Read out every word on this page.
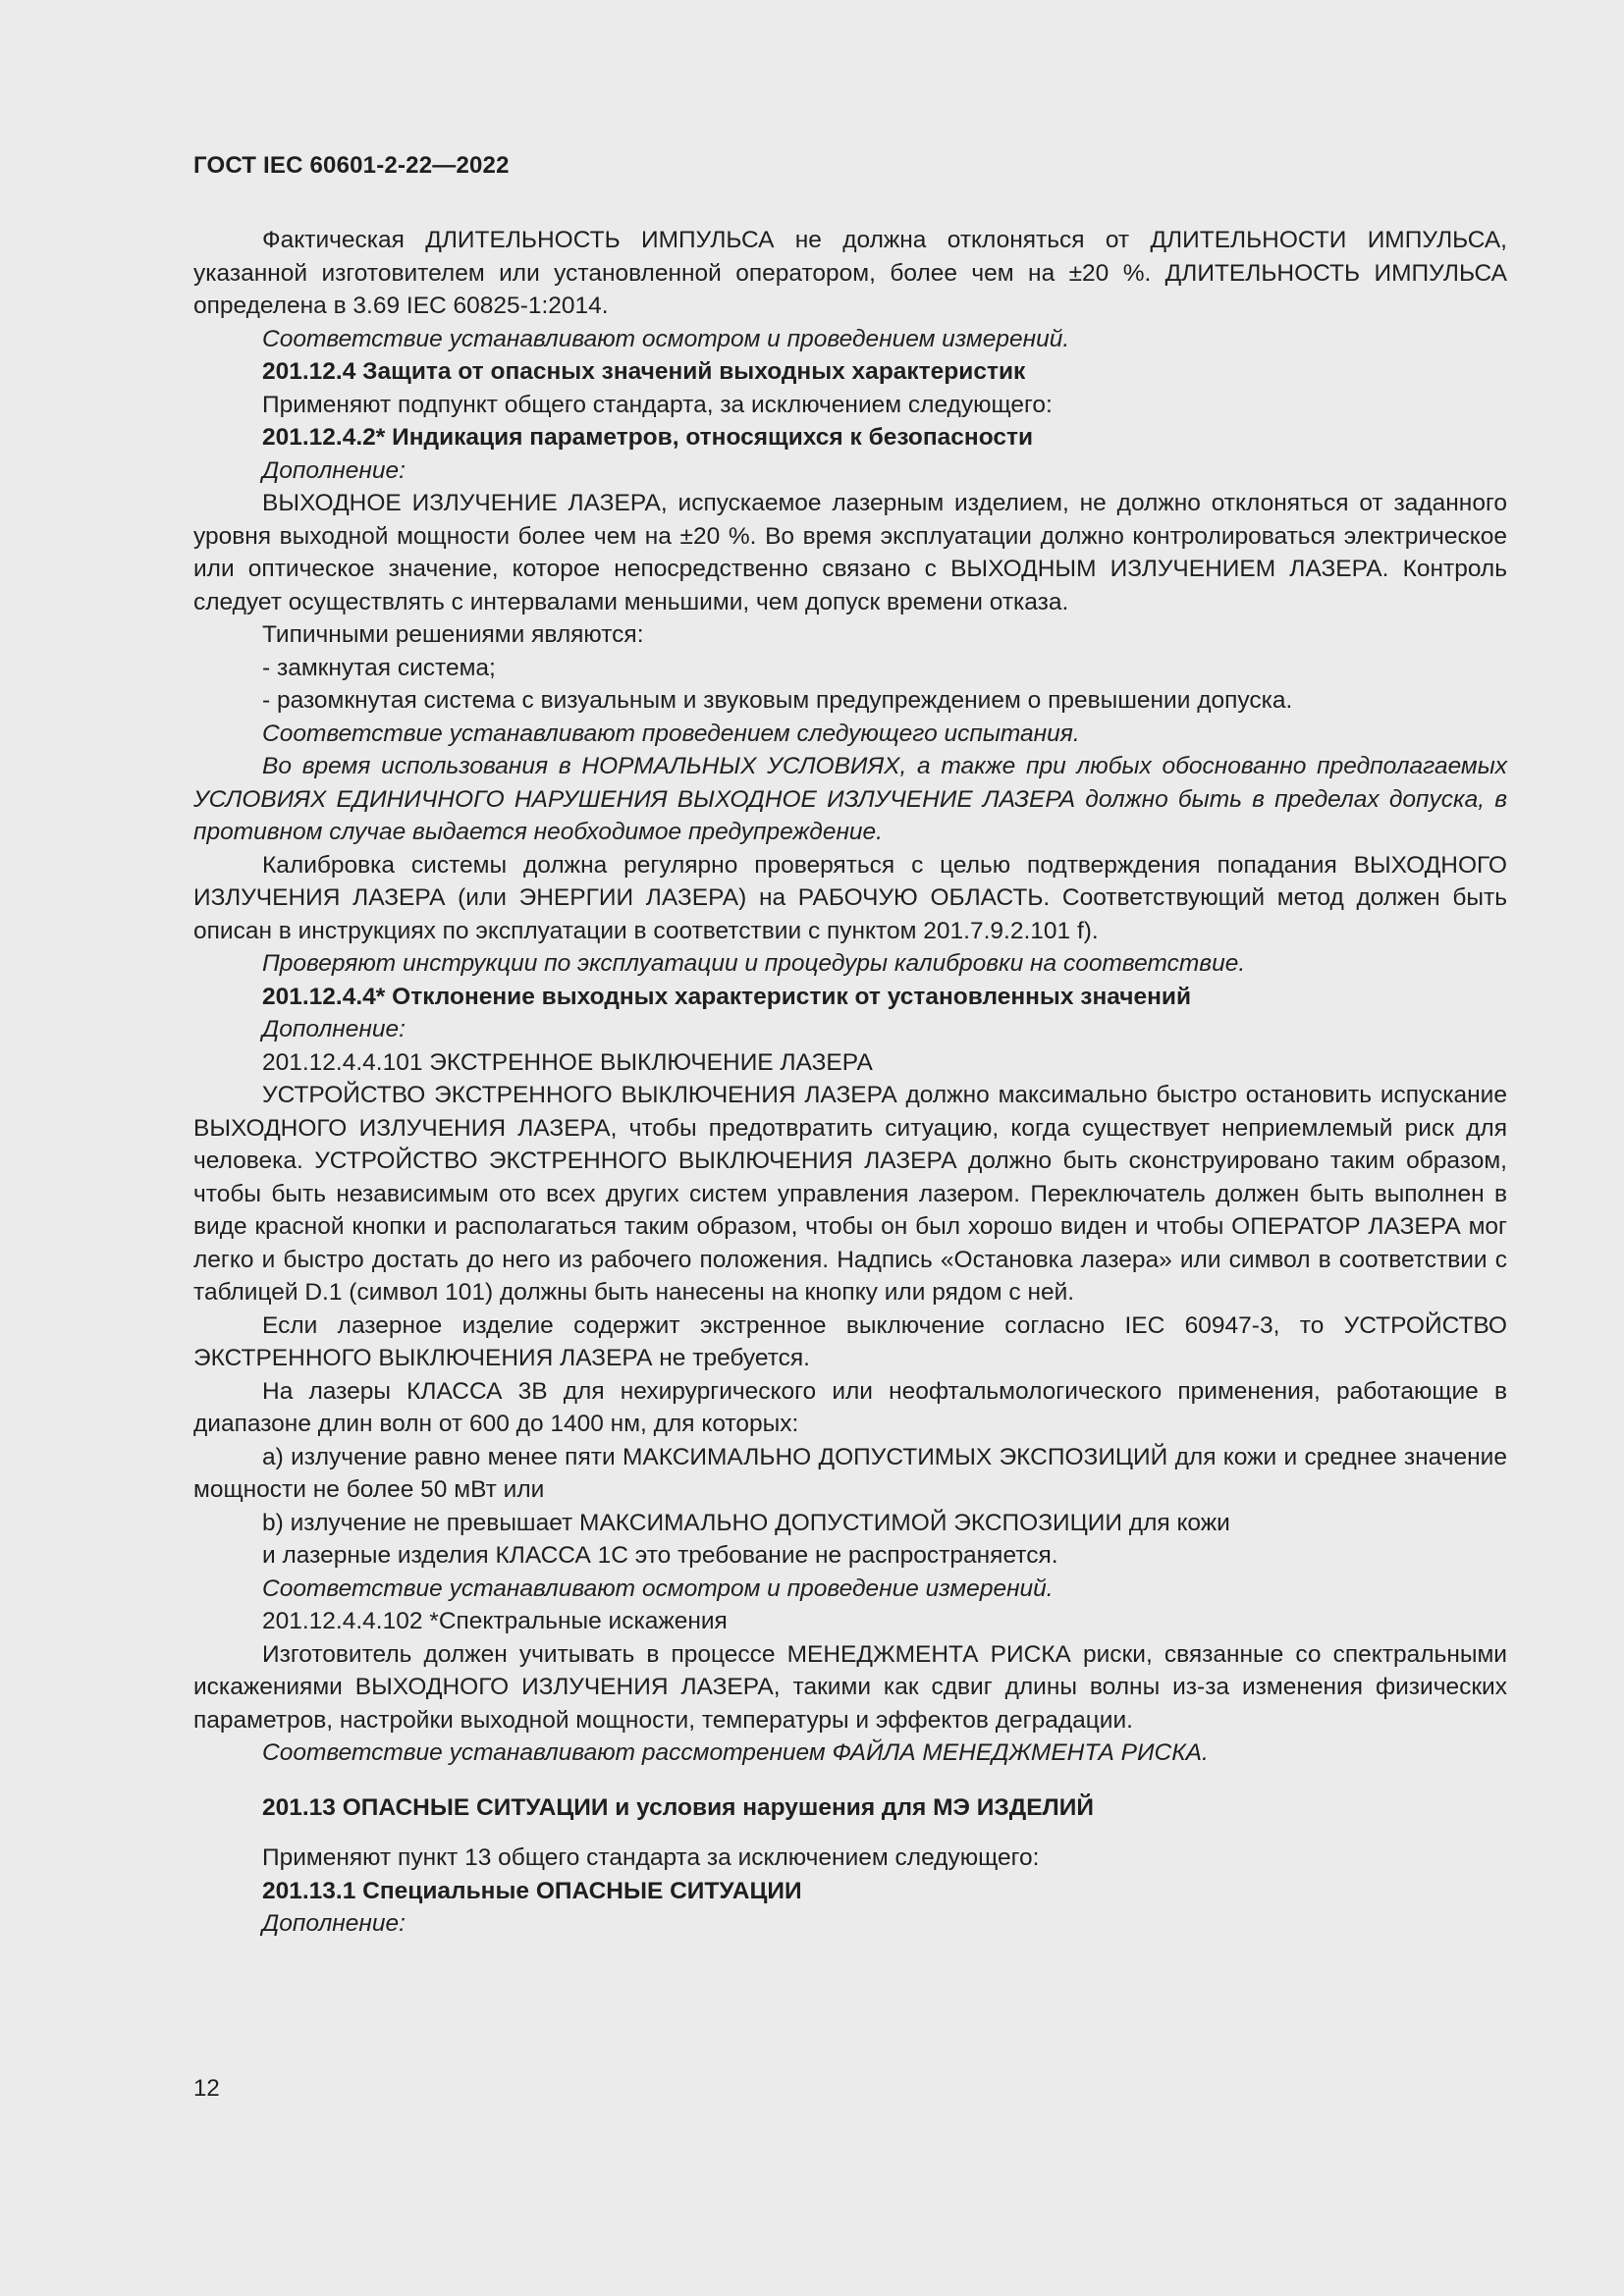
ГОСТ IEC 60601-2-22—2022

Фактическая ДЛИТЕЛЬНОСТЬ ИМПУЛЬСА не должна отклоняться от ДЛИТЕЛЬНОСТИ ИМПУЛЬСА, указанной изготовителем или установленной оператором, более чем на ±20 %. ДЛИТЕЛЬНОСТЬ ИМПУЛЬСА определена в 3.69 IEC 60825-1:2014.

Соответствие устанавливают осмотром и проведением измерений.

201.12.4 Защита от опасных значений выходных характеристик

Применяют подпункт общего стандарта, за исключением следующего:

201.12.4.2* Индикация параметров, относящихся к безопасности

Дополнение:

ВЫХОДНОЕ ИЗЛУЧЕНИЕ ЛАЗЕРА, испускаемое лазерным изделием, не должно отклоняться от заданного уровня выходной мощности более чем на ±20 %. Во время эксплуатации должно контролироваться электрическое или оптическое значение, которое непосредственно связано с ВЫХОДНЫМ ИЗЛУЧЕНИЕМ ЛАЗЕРА. Контроль следует осуществлять с интервалами меньшими, чем допуск времени отказа.

Типичными решениями являются:

- замкнутая система;

- разомкнутая система с визуальным и звуковым предупреждением о превышении допуска.

Соответствие устанавливают проведением следующего испытания.

Во время использования в НОРМАЛЬНЫХ УСЛОВИЯХ, а также при любых обоснованно предполагаемых УСЛОВИЯХ ЕДИНИЧНОГО НАРУШЕНИЯ ВЫХОДНОЕ ИЗЛУЧЕНИЕ ЛАЗЕРА должно быть в пределах допуска, в противном случае выдается необходимое предупреждение.

Калибровка системы должна регулярно проверяться с целью подтверждения попадания ВЫХОДНОГО ИЗЛУЧЕНИЯ ЛАЗЕРА (или ЭНЕРГИИ ЛАЗЕРА) на РАБОЧУЮ ОБЛАСТЬ. Соответствующий метод должен быть описан в инструкциях по эксплуатации в соответствии с пунктом 201.7.9.2.101 f).

Проверяют инструкции по эксплуатации и процедуры калибровки на соответствие.

201.12.4.4* Отклонение выходных характеристик от установленных значений

Дополнение:

201.12.4.4.101 ЭКСТРЕННОЕ ВЫКЛЮЧЕНИЕ ЛАЗЕРА

УСТРОЙСТВО ЭКСТРЕННОГО ВЫКЛЮЧЕНИЯ ЛАЗЕРА должно максимально быстро остановить испускание ВЫХОДНОГО ИЗЛУЧЕНИЯ ЛАЗЕРА, чтобы предотвратить ситуацию, когда существует неприемлемый риск для человека. УСТРОЙСТВО ЭКСТРЕННОГО ВЫКЛЮЧЕНИЯ ЛАЗЕРА должно быть сконструировано таким образом, чтобы быть независимым ото всех других систем управления лазером. Переключатель должен быть выполнен в виде красной кнопки и располагаться таким образом, чтобы он был хорошо виден и чтобы ОПЕРАТОР ЛАЗЕРА мог легко и быстро достать до него из рабочего положения. Надпись «Остановка лазера» или символ в соответствии с таблицей D.1 (символ 101) должны быть нанесены на кнопку или рядом с ней.

Если лазерное изделие содержит экстренное выключение согласно IEC 60947-3, то УСТРОЙСТВО ЭКСТРЕННОГО ВЫКЛЮЧЕНИЯ ЛАЗЕРА не требуется.

На лазеры КЛАССА 3В для нехирургического или неофтальмологического применения, работающие в диапазоне длин волн от 600 до 1400 нм, для которых:

a) излучение равно менее пяти МАКСИМАЛЬНО ДОПУСТИМЫХ ЭКСПОЗИЦИЙ для кожи и среднее значение мощности не более 50 мВт или

b) излучение не превышает МАКСИМАЛЬНО ДОПУСТИМОЙ ЭКСПОЗИЦИИ для кожи

и лазерные изделия КЛАССА 1С это требование не распространяется.

Соответствие устанавливают осмотром и проведение измерений.

201.12.4.4.102 *Спектральные искажения

Изготовитель должен учитывать в процессе МЕНЕДЖМЕНТА РИСКА риски, связанные со спектральными искажениями ВЫХОДНОГО ИЗЛУЧЕНИЯ ЛАЗЕРА, такими как сдвиг длины волны из-за изменения физических параметров, настройки выходной мощности, температуры и эффектов деградации.

Соответствие устанавливают рассмотрением ФАЙЛА МЕНЕДЖМЕНТА РИСКА.

201.13 ОПАСНЫЕ СИТУАЦИИ и условия нарушения для МЭ ИЗДЕЛИЙ

Применяют пункт 13 общего стандарта за исключением следующего:

201.13.1 Специальные ОПАСНЫЕ СИТУАЦИИ

Дополнение:

12
